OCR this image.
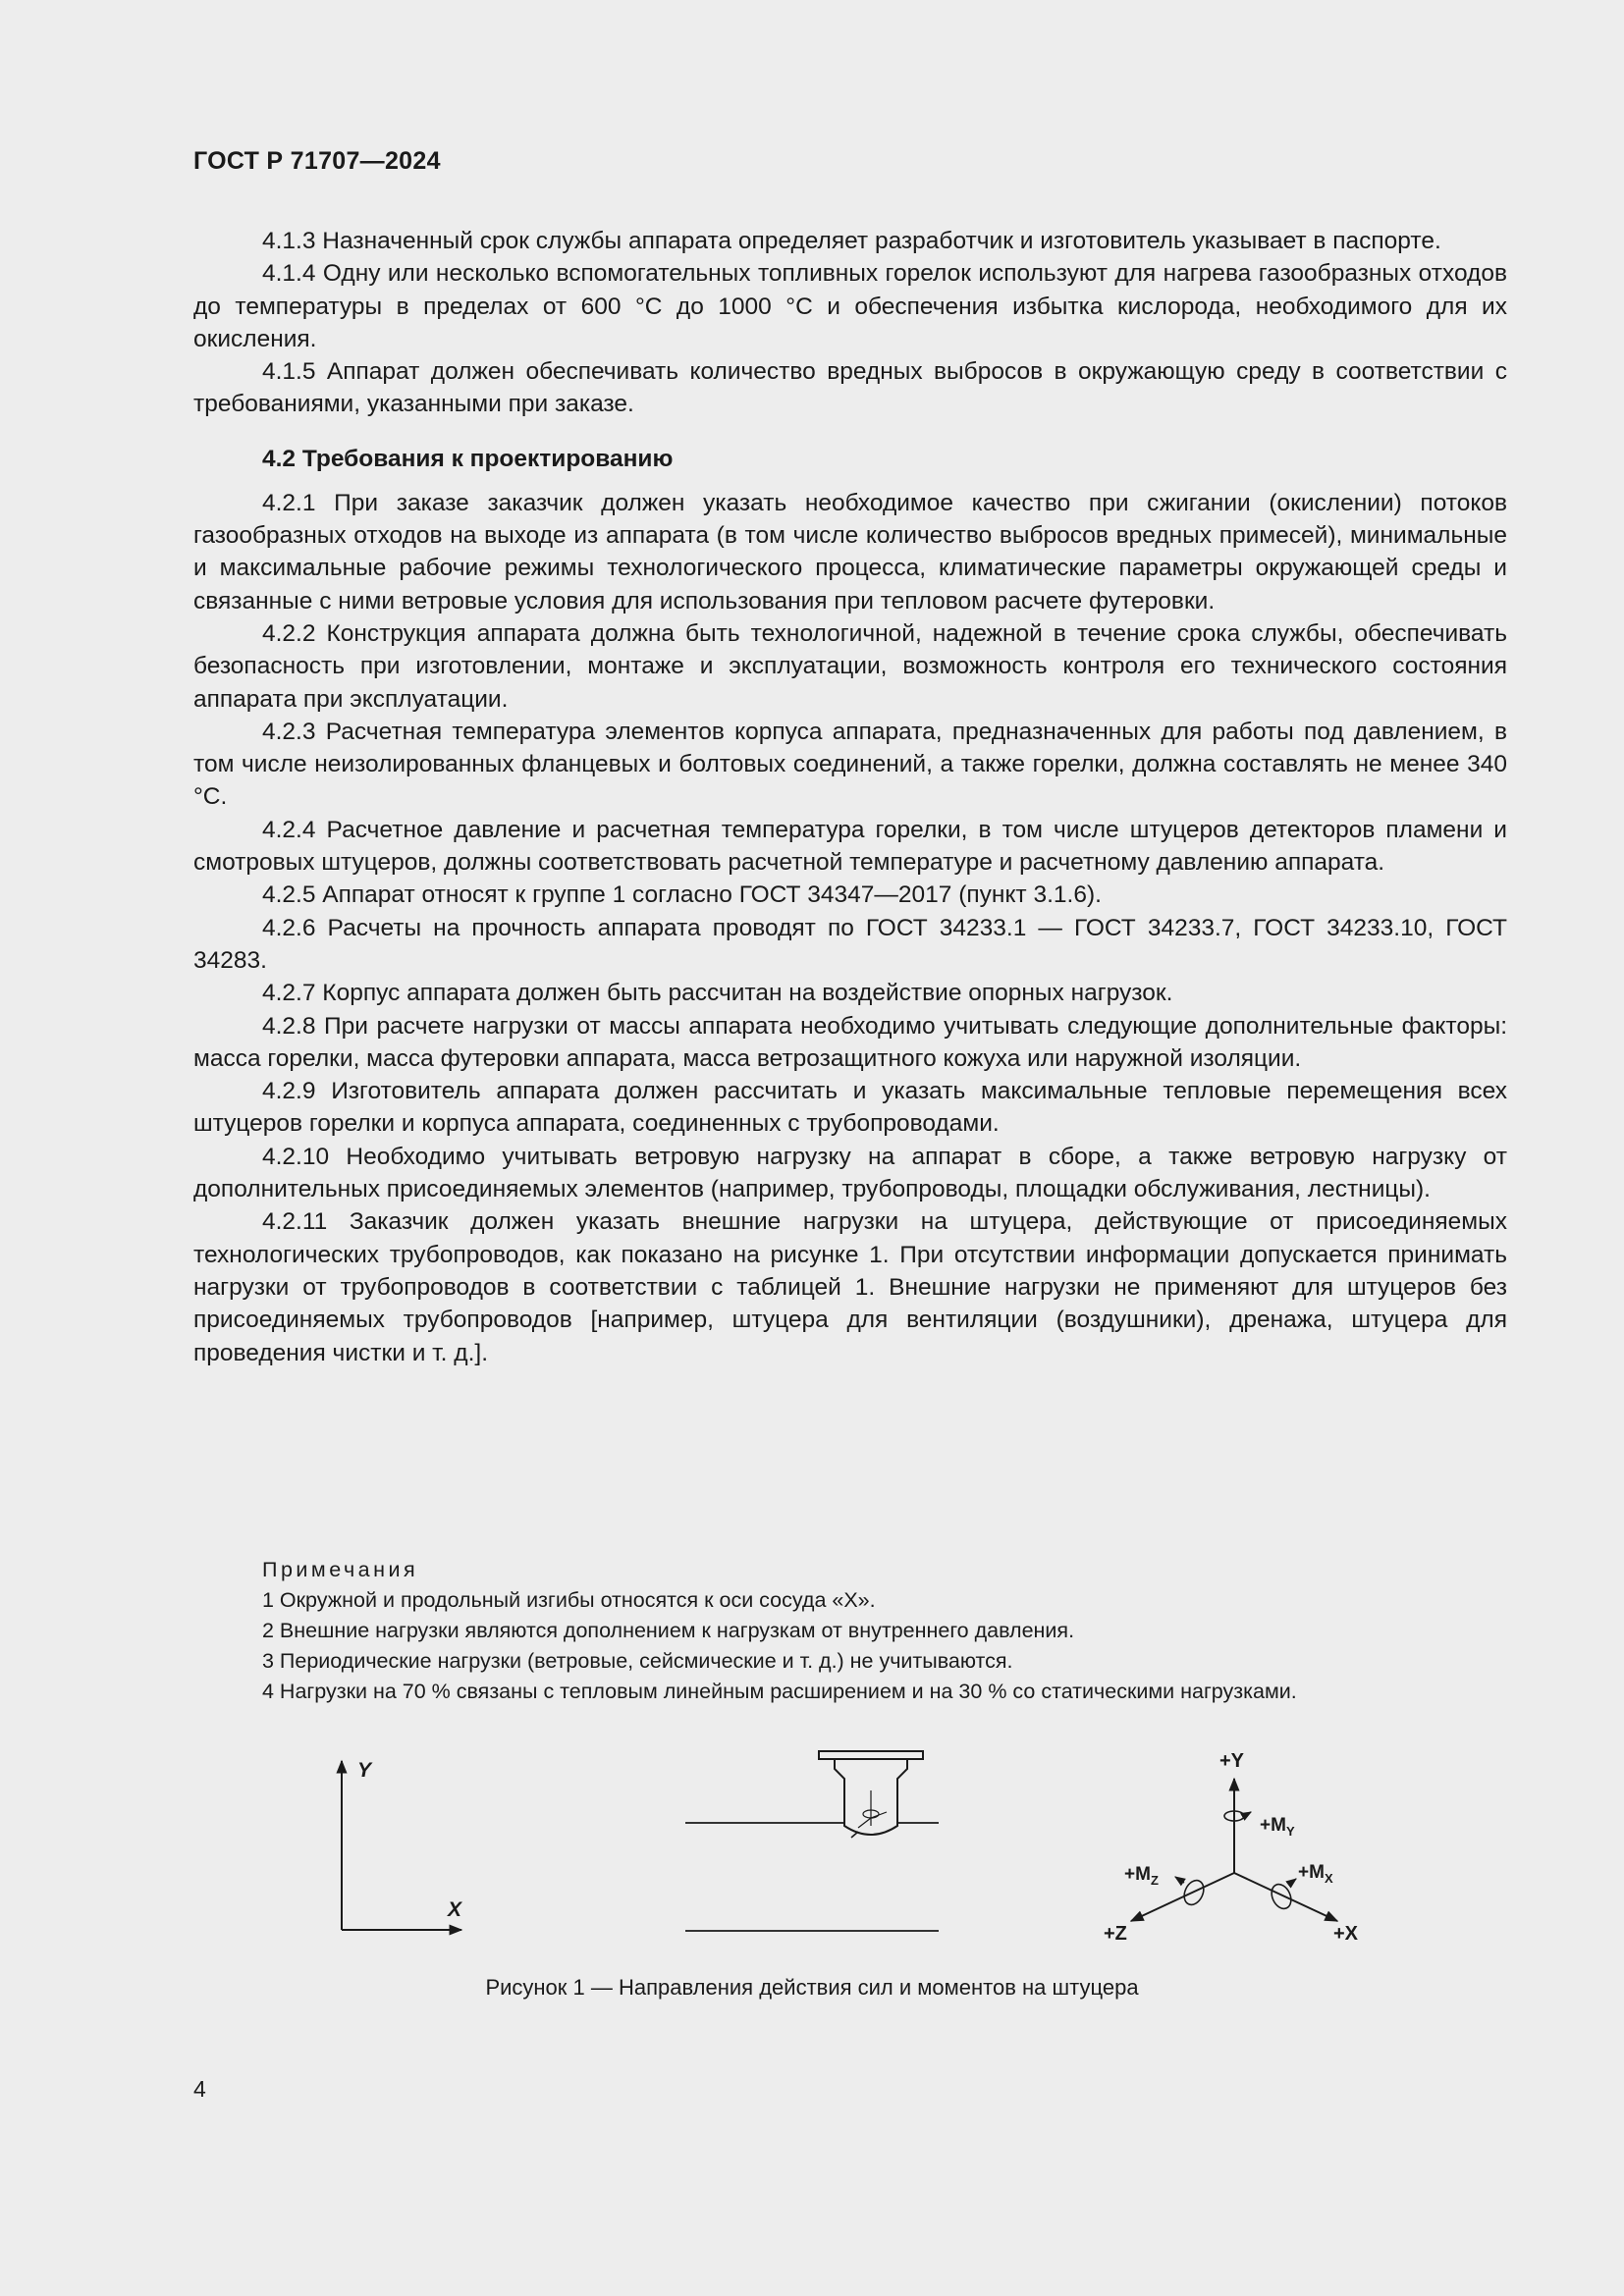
ГОСТ Р 71707—2024

4.1.3 Назначенный срок службы аппарата определяет разработчик и изготовитель указывает в паспорте.

4.1.4 Одну или несколько вспомогательных топливных горелок используют для нагрева газообразных отходов до температуры в пределах от 600 °С до 1000 °С и обеспечения избытка кислорода, необходимого для их окисления.

4.1.5 Аппарат должен обеспечивать количество вредных выбросов в окружающую среду в соответствии с требованиями, указанными при заказе.

4.2 Требования к проектированию

4.2.1 При заказе заказчик должен указать необходимое качество при сжигании (окислении) потоков газообразных отходов на выходе из аппарата (в том числе количество выбросов вредных примесей), минимальные и максимальные рабочие режимы технологического процесса, климатические параметры окружающей среды и связанные с ними ветровые условия для использования при тепловом расчете футеровки.

4.2.2 Конструкция аппарата должна быть технологичной, надежной в течение срока службы, обеспечивать безопасность при изготовлении, монтаже и эксплуатации, возможность контроля его технического состояния аппарата при эксплуатации.

4.2.3 Расчетная температура элементов корпуса аппарата, предназначенных для работы под давлением, в том числе неизолированных фланцевых и болтовых соединений, а также горелки, должна составлять не менее 340 °С.

4.2.4 Расчетное давление и расчетная температура горелки, в том числе штуцеров детекторов пламени и смотровых штуцеров, должны соответствовать расчетной температуре и расчетному давлению аппарата.

4.2.5 Аппарат относят к группе 1 согласно ГОСТ 34347—2017 (пункт 3.1.6).

4.2.6 Расчеты на прочность аппарата проводят по ГОСТ 34233.1 — ГОСТ 34233.7, ГОСТ 34233.10, ГОСТ 34283.

4.2.7 Корпус аппарата должен быть рассчитан на воздействие опорных нагрузок.

4.2.8 При расчете нагрузки от массы аппарата необходимо учитывать следующие дополнительные факторы: масса горелки, масса футеровки аппарата, масса ветрозащитного кожуха или наружной изоляции.

4.2.9 Изготовитель аппарата должен рассчитать и указать максимальные тепловые перемещения всех штуцеров горелки и корпуса аппарата, соединенных с трубопроводами.

4.2.10 Необходимо учитывать ветровую нагрузку на аппарат в сборе, а также ветровую нагрузку от дополнительных присоединяемых элементов (например, трубопроводы, площадки обслуживания, лестницы).

4.2.11 Заказчик должен указать внешние нагрузки на штуцера, действующие от присоединяемых технологических трубопроводов, как показано на рисунке 1. При отсутствии информации допускается принимать нагрузки от трубопроводов в соответствии с таблицей 1. Внешние нагрузки не применяют для штуцеров без присоединяемых трубопроводов [например, штуцера для вентиляции (воздушники), дренажа, штуцера для проведения чистки и т. д.].

Примечания

1 Окружной и продольный изгибы относятся к оси сосуда «Х».

2 Внешние нагрузки являются дополнением к нагрузкам от внутреннего давления.

3 Периодические нагрузки (ветровые, сейсмические и т. д.) не учитываются.

4 Нагрузки на 70 % связаны с тепловым линейным расширением и на 30 % со статическими нагрузками.

Y
X
+Y
$+M_Y$
$+M_Z$	$+M_X$
+Z	+X
Рисунок 1 — Направления действия сил и моментов на штуцера
4
